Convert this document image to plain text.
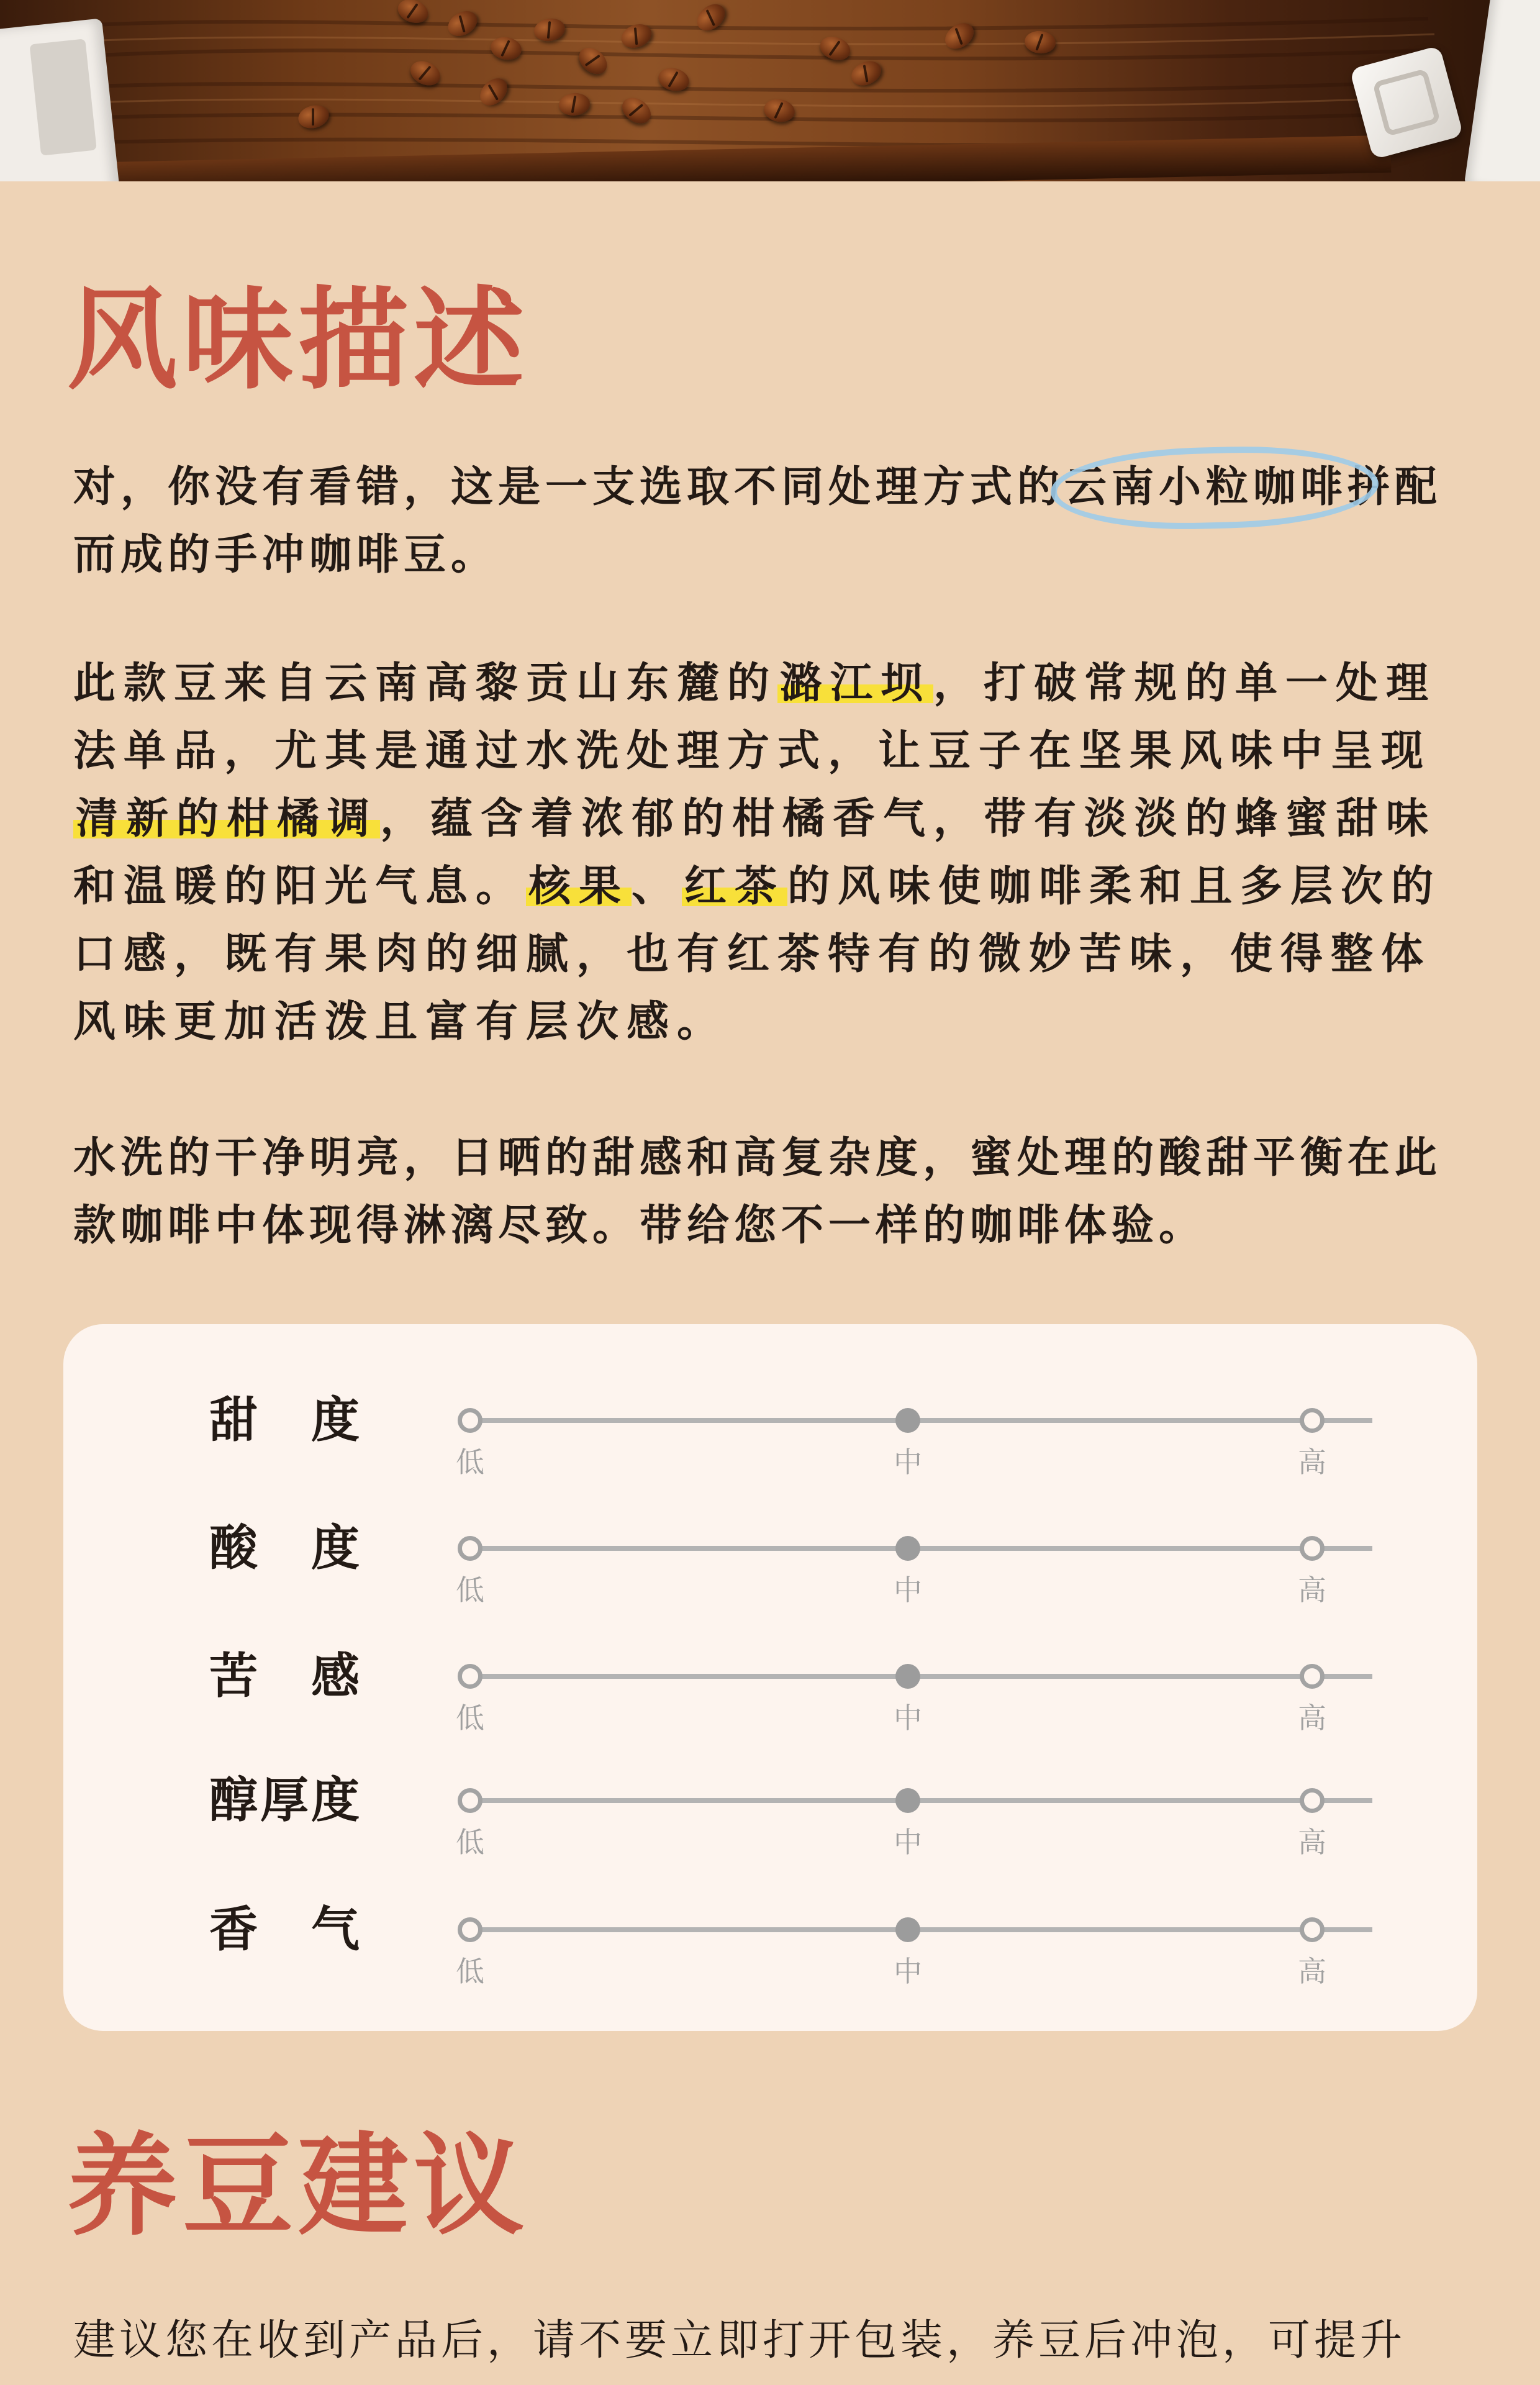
风味描述

对，你没有看错，这是一支选取不同处理方式的云南小粒咖啡拼配而成的手冲咖啡豆。

此款豆来自云南高黎贡山东麓的潞江坝，打破常规的单一处理法单品，尤其是通过水洗处理方式，让豆子在坚果风味中呈现清新的柑橘调，蕴含着浓郁的柑橘香气，带有淡淡的蜂蜜甜味和温暖的阳光气息。核果、红茶的风味使咖啡柔和且多层次的口感，既有果肉的细腻，也有红茶特有的微妙苦味，使得整体风味更加活泼且富有层次感。

水洗的干净明亮，日晒的甜感和高复杂度，蜜处理的酸甜平衡在此款咖啡中体现得淋漓尽致。带给您不一样的咖啡体验。

甜　度
低	中	高
酸　度
低	中	高
苦　感
低	中	高
醇厚度
低	中	高
香　气
低	中	高
养豆建议

建议您在收到产品后，请不要立即打开包装，养豆后冲泡，可提升
